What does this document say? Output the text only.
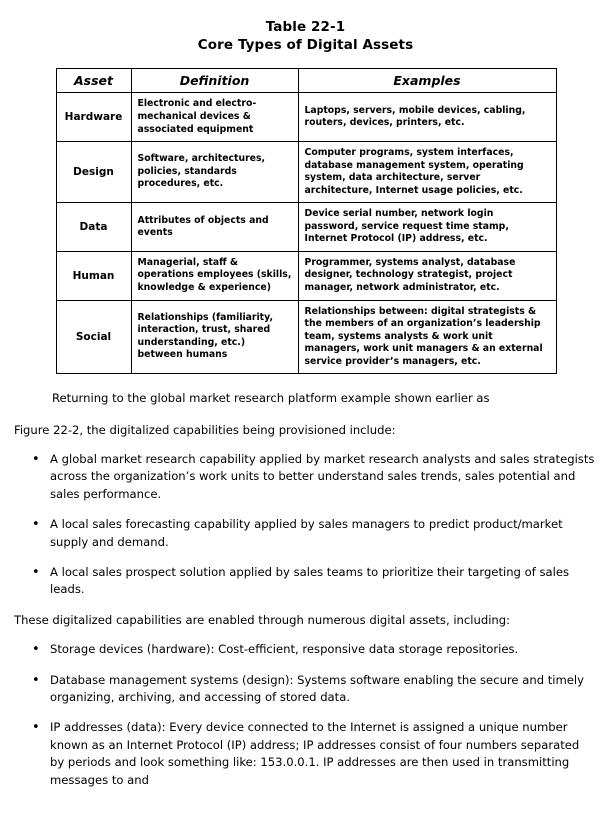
Table 22-1
Core Types of Digital Assets
Asset	Definition	Examples
Hardware	Electronic and electro-mechanical devices & associated equipment	Laptops, servers, mobile devices, cabling, routers, devices, printers, etc.
Design	Software, architectures, policies, standards procedures, etc.	Computer programs, system interfaces, database management system, operating system, data architecture, server architecture, Internet usage policies, etc.
Data	Attributes of objects and events	Device serial number, network login password, service request time stamp, Internet Protocol (IP) address, etc.
Human	Managerial, staff & operations employees (skills, knowledge & experience)	Programmer, systems analyst, database designer, technology strategist, project manager, network administrator, etc.
Social	Relationships (familiarity, interaction, trust, shared understanding, etc.) between humans	Relationships between: digital strategists & the members of an organization’s leadership team, systems analysts & work unit managers, work unit managers & an external service provider’s managers, etc.

Returning to the global market research platform example shown earlier as

Figure 22-2, the digitalized capabilities being provisioned include:

• A global market research capability applied by market research analysts and sales strategists across the organization’s work units to better understand sales trends, sales potential and sales performance.
• A local sales forecasting capability applied by sales managers to predict product/market supply and demand.
• A local sales prospect solution applied by sales teams to prioritize their targeting of sales leads.

These digitalized capabilities are enabled through numerous digital assets, including:

• Storage devices (hardware): Cost-efficient, responsive data storage repositories.
• Database management systems (design): Systems software enabling the secure and timely organizing, archiving, and accessing of stored data.
• IP addresses (data): Every device connected to the Internet is assigned a unique number known as an Internet Protocol (IP) address; IP addresses consist of four numbers separated by periods and look something like: 153.0.0.1. IP addresses are then used in transmitting messages to and
